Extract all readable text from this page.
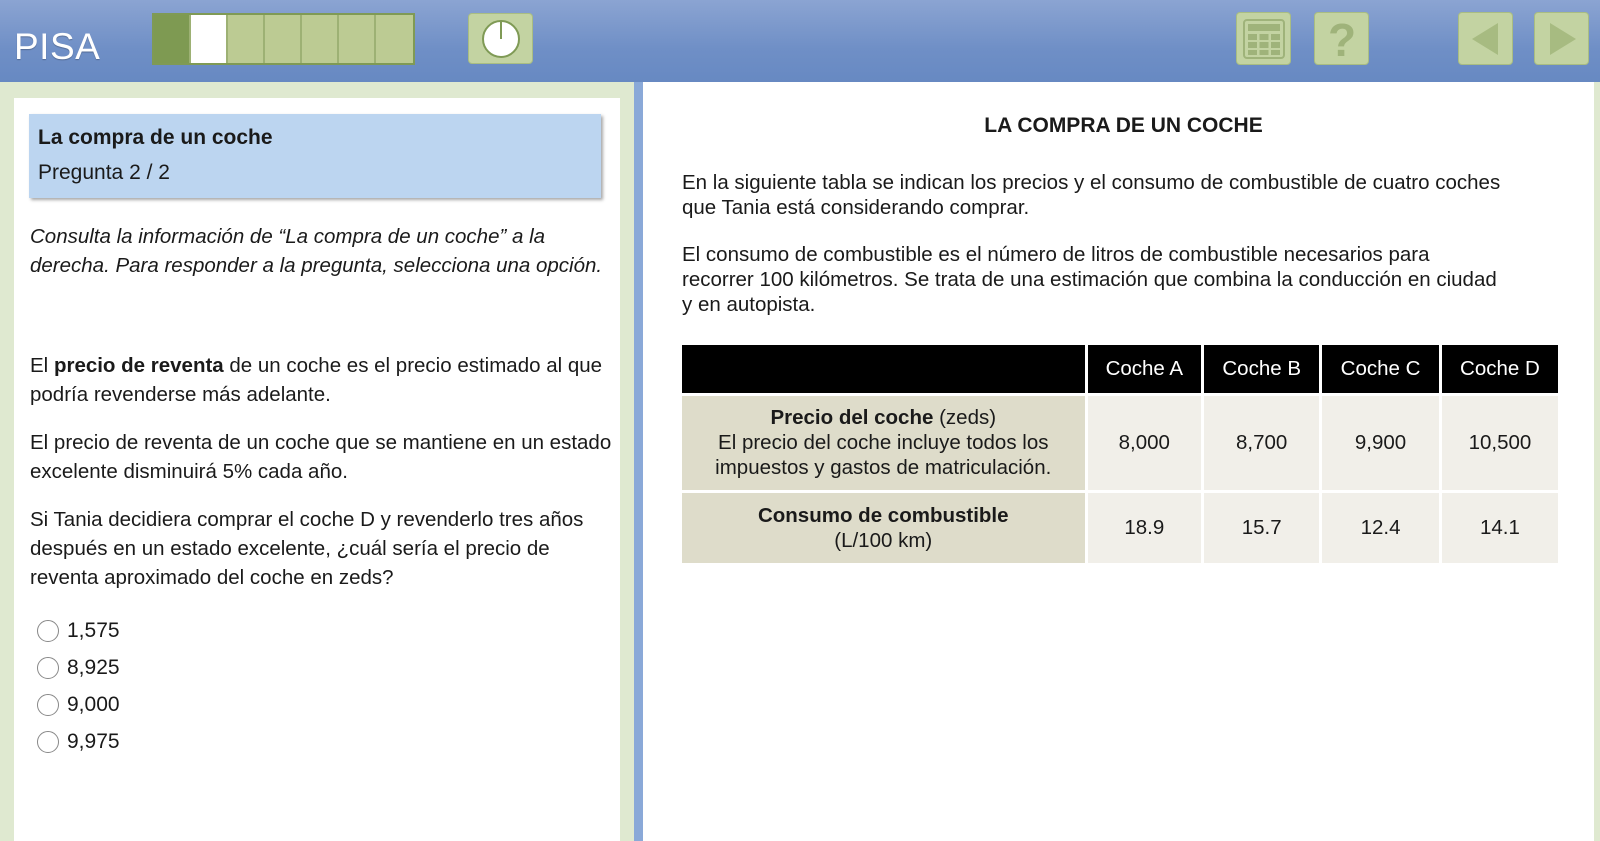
PISA	?
La compra de un coche
Pregunta 2 / 2
Consulta la información de “La compra de un coche” a la derecha. Para responder a la pregunta, selecciona una opción.
El precio de reventa de un coche es el precio estimado al que podría revenderse más adelante.
El precio de reventa de un coche que se mantiene en un estado excelente disminuirá 5% cada año.
Si Tania decidiera comprar el coche D y revenderlo tres años después en un estado excelente, ¿cuál sería el precio de reventa aproximado del coche en zeds?
1,575
8,925
9,000
9,975
LA COMPRA DE UN COCHE
En la siguiente tabla se indican los precios y el consumo de combustible de cuatro coches que Tania está considerando comprar.
El consumo de combustible es el número de litros de combustible necesarios para recorrer 100 kilómetros. Se trata de una estimación que combina la conducción en ciudad y en autopista.
	Coche A	Coche B	Coche C	Coche D
Precio del coche (zeds)
El precio del coche incluye todos los impuestos y gastos de matriculación.	8,000	8,700	9,900	10,500
Consumo de combustible
(L/100 km)	18.9	15.7	12.4	14.1
